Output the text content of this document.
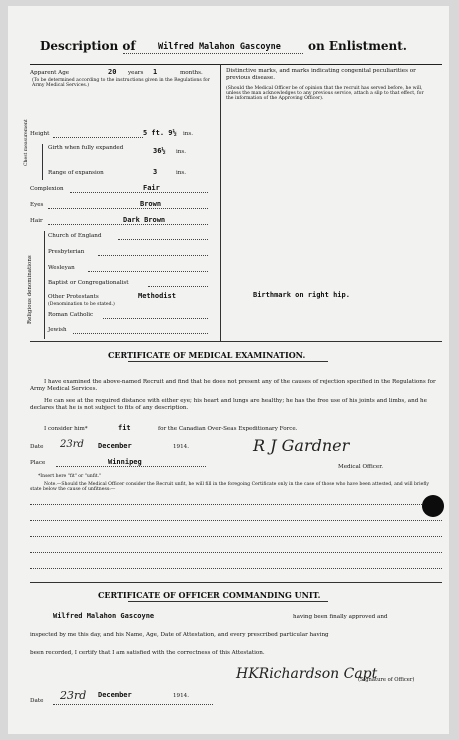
Description of	Wilfred Malahon Gascoyne on Enlistment.
Apparent Age	20 years 1	months.
(To be determined according to the instructions given in the Regulations for Army Medical Services.)
Height	5 ft. 9½ ins.
Chest measurement	Girth when fully expanded	36½ ins.
Range of expansion	3	ins.
Complexion	Fair
Eyes	Brown
Hair	Dark Brown
Religious denominations
Church of England
Presbyterian
Wesleyan
Baptist or Congregationalist
Other Protestants	Methodist
(Denomination to be stated.)
Roman Catholic
Jewish
Distinctive marks, and marks indicating congenital peculiarities or previous disease.
(Should the Medical Officer be of opinion that the recruit has served before, he will, unless the man acknowledges to any previous service, attach a slip to that effect, for the information of the Approving Officer).
Birthmark on right hip.
CERTIFICATE OF MEDICAL EXAMINATION.
I have examined the above-named Recruit and find that he does not present any of the causes of rejection specified in the Regulations for Army Medical Services.
He can see at the required distance with either eye; his heart and lungs are healthy; he has the free use of his joints and limbs, and he declares that he is not subject to fits of any description.
I consider him*	fit	for the Canadian Over-Seas Expeditionary Force.
Date 23rd December	1914.
Place	Winnipeg
R J Gardner
Medical Officer.
*Insert here "fit" or "unfit."
Note.—Should the Medical Officer consider the Recruit unfit, he will fill in the foregoing Certificate only in the case of those who have been attested, and will briefly state below the cause of unfitness:—
CERTIFICATE OF OFFICER COMMANDING UNIT.
Wilfred Malahon Gascoyne	having been finally approved and
inspected by me this day, and his Name, Age, Date of Attestation, and every prescribed particular having
been recorded, I certify that I am satisfied with the correctness of this Attestation.
HKRichardson Capt
(Signature of Officer)
Date 23rd December	1914.
